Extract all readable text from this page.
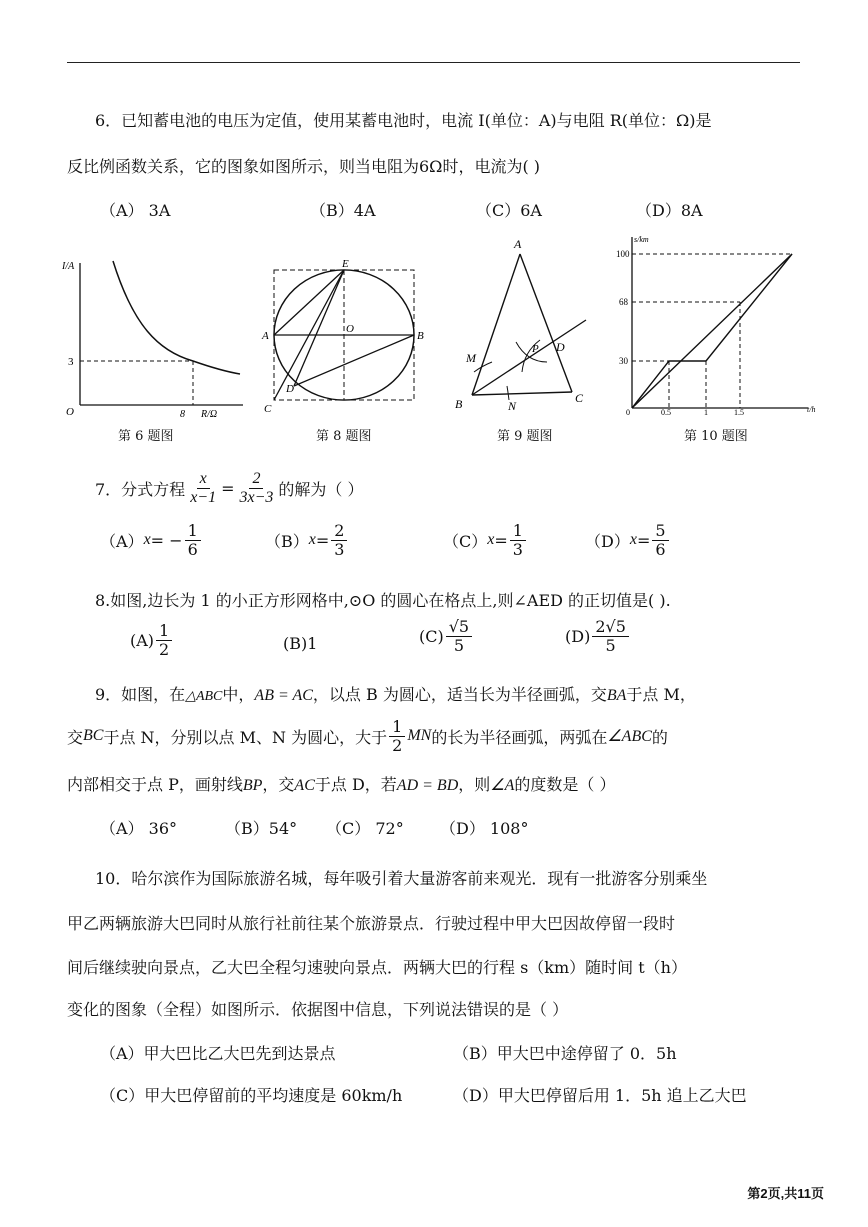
6．已知蓄电池的电压为定值，使用某蓄电池时，电流 I(单位：A)与电阻 R(单位：Ω)是
反比例函数关系，它的图象如图所示，则当电阻为6Ω时，电流为( )
（A） 3A	（B）4A	（C）6A	（D）8A
I/A
8 R/Ω
3
O
第 6 题图
E
A
O
B
D
C
第 8 题图
A
M
P D
B	N
C
第 9 题图
s/km
t/h
100
68
30
0.5	1	1.5
0
第 10 题图
7．分式方程 $\frac{x}{x-1} = \frac{2}{3x-3}$ 的解为（ ）
（A） x = − $\frac{1}{6}$	（B） $x = \frac{2}{3}$	（C） $x = \frac{1}{3}$	（D） $x = \frac{5}{6}$
8.如图,边长为 1 的小正方形网格中,⊙O 的圆心在格点上,则∠AED 的正切值是( ).
$(A) \frac{1}{2}$	(B)1	$(C) \frac{√5}{5}$	$(D) \frac{2√5}{5}$
9．如图，在△ABC中，AB = AC，以点 B 为圆心，适当长为半径画弧，交BA于点 M，
交 BC 于点 N，分别以点 M、N 为圆心，大于 $\frac{1}{2}$ MN 的长为半径画弧，两弧在 ∠ABC 的
内部相交于点 P，画射线BP，交AC于点 D，若AD = BD，则∠A的度数是（ ）
（A） 36°	（B）54° （C） 72° （D） 108°
10．哈尔滨作为国际旅游名城，每年吸引着大量游客前来观光．现有一批游客分别乘坐
甲乙两辆旅游大巴同时从旅行社前往某个旅游景点．行驶过程中甲大巴因故停留一段时
间后继续驶向景点，乙大巴全程匀速驶向景点．两辆大巴的行程 s（km）随时间 t（h）
变化的图象（全程）如图所示．依据图中信息，下列说法错误的是（ ）
（A）甲大巴比乙大巴先到达景点	（B）甲大巴中途停留了 0．5h
（C）甲大巴停留前的平均速度是 60km/h	（D）甲大巴停留后用 1．5h 追上乙大巴
第2页,共11页
